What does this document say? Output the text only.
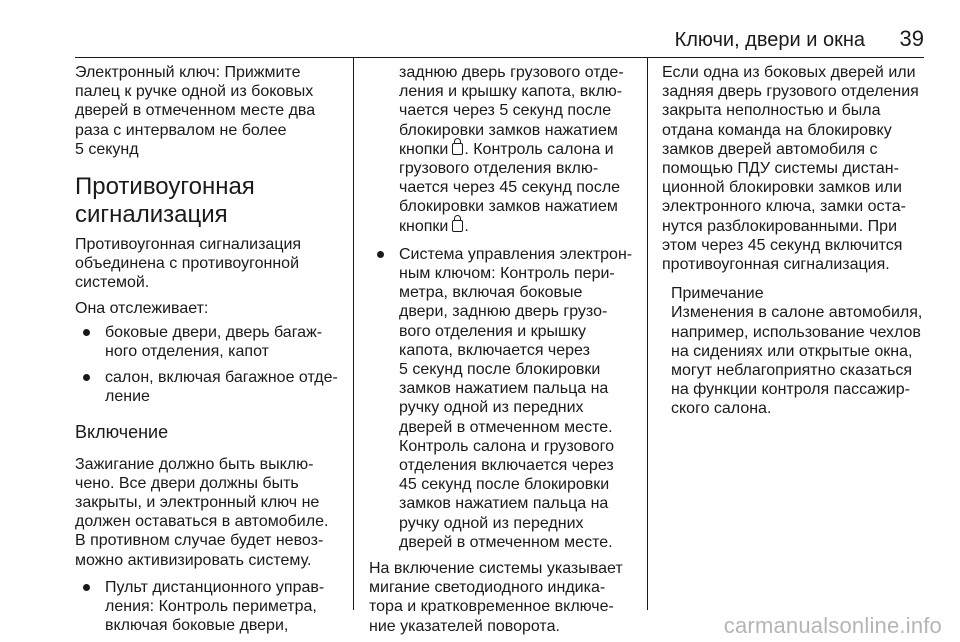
Ключи, двери и окна 39

Электронный ключ: Прижмите
палец к ручке одной из боковых
дверей в отмеченном месте два
раза с интервалом не более
5 секунд

Противоугонная
сигнализация

Противоугонная сигнализация
объединена с противоугонной
системой.

Она отслеживает:

боковые двери, дверь багаж-
ного отделения, капот
салон, включая багажное отде-
ление
Включение

Зажигание должно быть выклю-
чено. Все двери должны быть
закрыты, и электронный ключ не
должен оставаться в автомобиле.
В противном случае будет невоз-
можно активизировать систему.

Пульт дистанционного управ-
ления: Контроль периметра,
включая боковые двери,
заднюю дверь грузового отде-
ления и крышку капота, вклю-
чается через 5 секунд после
блокировки замков нажатием
кнопки . Контроль салона и
грузового отделения вклю-
чается через 45 секунд после
блокировки замков нажатием
кнопки .
Система управления электрон-
ным ключом: Контроль пери-
метра, включая боковые
двери, заднюю дверь грузо-
вого отделения и крышку
капота, включается через
5 секунд после блокировки
замков нажатием пальца на
ручку одной из передних
дверей в отмеченном месте.
Контроль салона и грузового
отделения включается через
45 секунд после блокировки
замков нажатием пальца на
ручку одной из передних
дверей в отмеченном месте.

На включение системы указывает
мигание светодиодного индика-
тора и кратковременное включе-
ние указателей поворота.

Если одна из боковых дверей или
задняя дверь грузового отделения
закрыта неполностью и была
отдана команда на блокировку
замков дверей автомобиля с
помощью ПДУ системы дистан-
ционной блокировки замков или
электронного ключа, замки оста-
нутся разблокированными. При
этом через 45 секунд включится
противоугонная сигнализация.

Примечание

Изменения в салоне автомобиля,
например, использование чехлов
на сидениях или открытые окна,
могут неблагоприятно сказаться
на функции контроля пассажир-
ского салона.

carmanualsonline.info
